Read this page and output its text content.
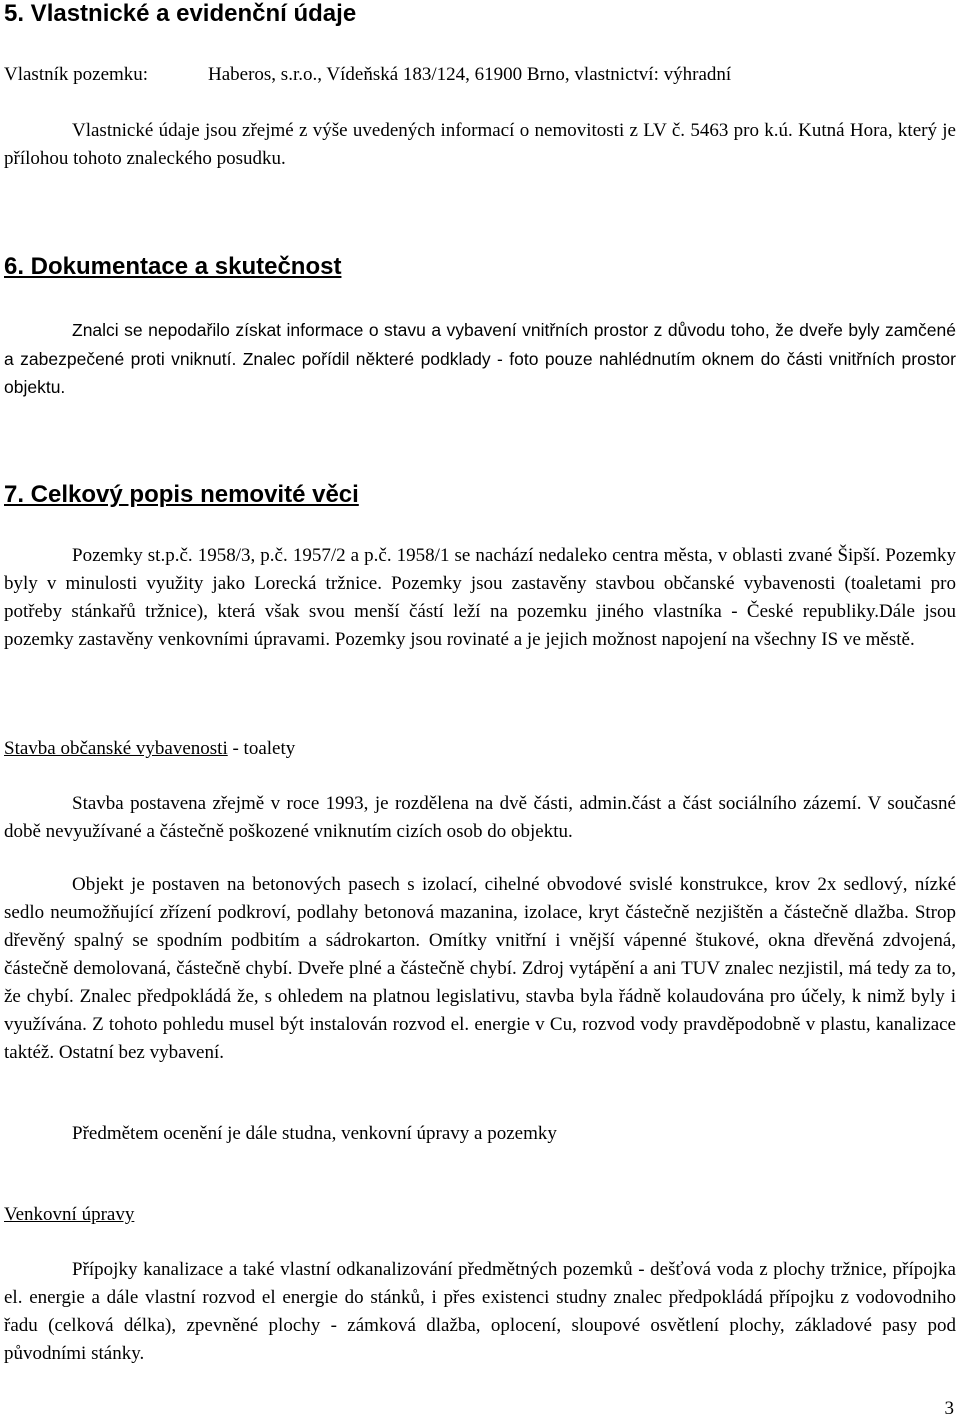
5. Vlastnické a evidenční údaje

Vlastník pozemku:	Haberos, s.r.o., Vídeňská 183/124, 61900 Brno, vlastnictví: výhradní

Vlastnické údaje jsou zřejmé z výše uvedených informací o nemovitosti z LV č. 5463 pro k.ú. Kutná Hora, který je přílohou tohoto znaleckého posudku.

6. Dokumentace a skutečnost

Znalci se nepodařilo získat informace o stavu a vybavení vnitřních prostor z důvodu toho, že dveře byly zamčené a zabezpečené proti vniknutí. Znalec pořídil některé podklady - foto pouze nahlédnutím oknem do části vnitřních prostor objektu.

7. Celkový popis nemovité věci

Pozemky st.p.č. 1958/3, p.č. 1957/2 a p.č. 1958/1 se nachází nedaleko centra města, v oblasti zvané Šipší. Pozemky byly v minulosti využity jako Lorecká tržnice. Pozemky jsou zastavěny stavbou občanské vybavenosti (toaletami pro potřeby stánkařů tržnice), která však svou menší částí leží na pozemku jiného vlastníka - České republiky.Dále jsou pozemky zastavěny venkovními úpravami. Pozemky jsou rovinaté a je jejich možnost napojení na všechny IS ve městě.

Stavba občanské vybavenosti - toalety

Stavba postavena zřejmě v roce 1993, je rozdělena na dvě části, admin.část a část sociálního zázemí. V současné době nevyužívané a částečně poškozené vniknutím cizích osob do objektu.

Objekt je postaven na betonových pasech s izolací, cihelné obvodové svislé konstrukce, krov 2x sedlový, nízké sedlo neumožňující zřízení podkroví, podlahy betonová mazanina, izolace, kryt částečně nezjištěn a částečně dlažba. Strop dřevěný spalný se spodním podbitím a sádrokarton. Omítky vnitřní i vnější vápenné štukové, okna dřevěná zdvojená, částečně demolovaná, částečně chybí. Dveře plné a částečně chybí. Zdroj vytápění a ani TUV znalec nezjistil, má tedy za to, že chybí. Znalec předpokládá že, s ohledem na platnou legislativu, stavba byla řádně kolaudována pro účely, k nimž byly i využívána. Z tohoto pohledu musel být instalován rozvod el. energie v Cu, rozvod vody pravděpodobně v plastu, kanalizace taktéž. Ostatní bez vybavení.

Předmětem ocenění je dále studna, venkovní úpravy a pozemky

Venkovní úpravy

Přípojky kanalizace a také vlastní odkanalizování předmětných pozemků - dešťová voda z plochy tržnice, přípojka el. energie a dále vlastní rozvod el energie do stánků, i přes existenci studny znalec předpokládá přípojku z vodovodniho řadu (celková délka), zpevněné plochy - zámková dlažba, oplocení, sloupové osvětlení plochy, základové pasy pod původními stánky.

3
